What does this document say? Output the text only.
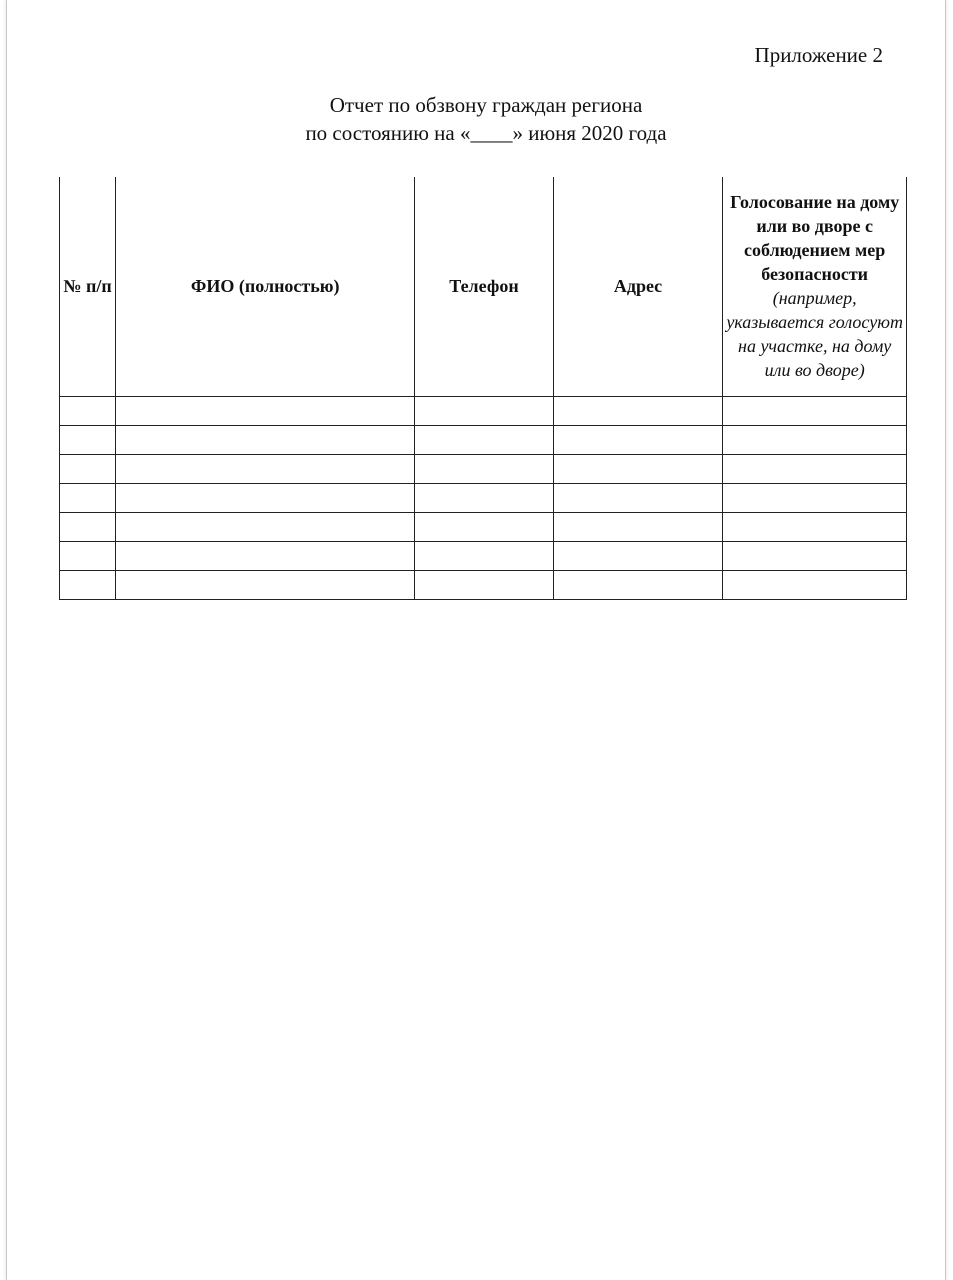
Приложение 2
Отчет по обзвону граждан региона
по состоянию на «____» июня 2020 года
№ п/п	ФИО (полностью)	Телефон	Адрес	Голосование на дому или во дворе с соблюдением мер безопасности
(например, указывается голосуют на участке, на дому или во дворе)
